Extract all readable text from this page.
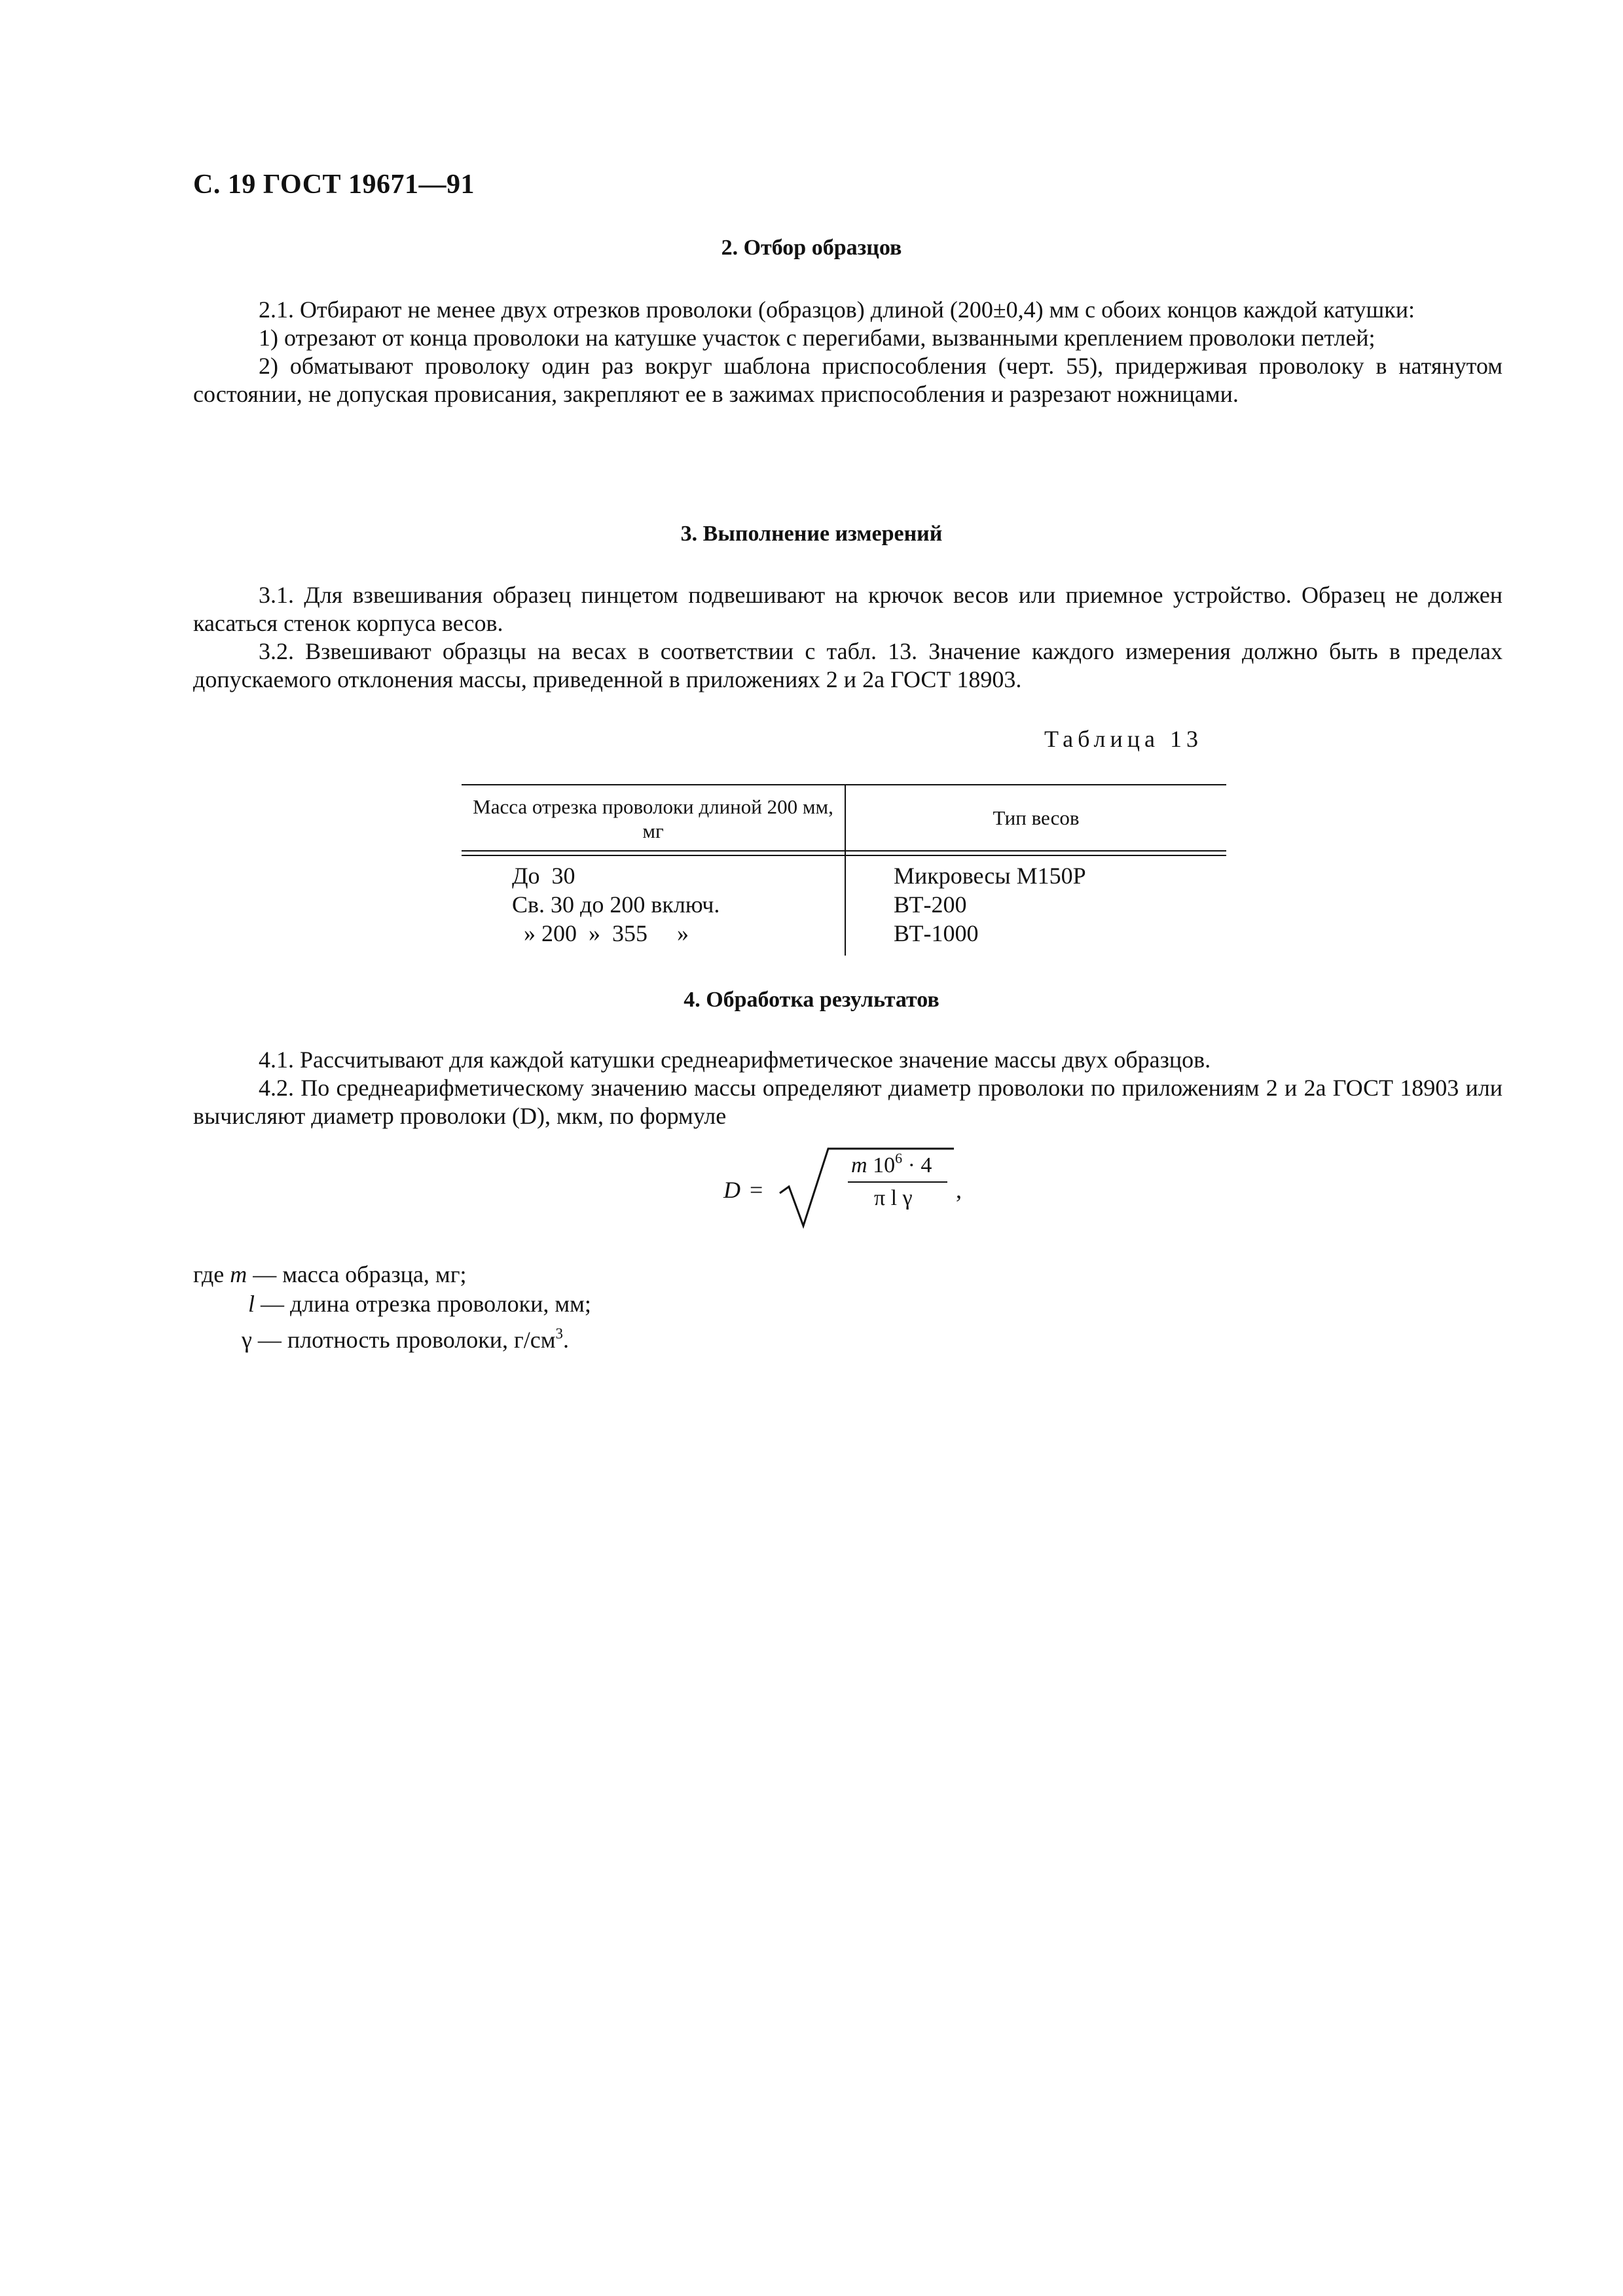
С. 19 ГОСТ 19671—91
2. Отбор образцов

2.1. Отбирают не менее двух отрезков проволоки (образцов) длиной (200±0,4) мм с обоих концов каждой катушки:

1) отрезают от конца проволоки на катушке участок с перегибами, вызванными креплением проволоки петлей;

2) обматывают проволоку один раз вокруг шаблона приспособления (черт. 55), придерживая проволоку в натянутом состоянии, не допуская провисания, закрепляют ее в зажимах приспособления и разрезают ножницами.

3. Выполнение измерений

3.1. Для взвешивания образец пинцетом подвешивают на крючок весов или приемное устройство. Образец не должен касаться стенок корпуса весов.

3.2. Взвешивают образцы на весах в соответствии с табл. 13. Значение каждого измерения должно быть в пределах допускаемого отклонения массы, приведенной в приложениях 2 и 2а ГОСТ 18903.

Таблица 13
Масса отрезка проволоки длиной 200 мм, мг
Тип весов
До  30
Св. 30 до 200 включ.
» 200  »  355     »
Микровесы М150Р
ВТ-200
ВТ-1000
4. Обработка результатов

4.1. Рассчитывают для каждой катушки среднеарифметическое значение массы двух образцов.

4.2. По среднеарифметическому значению массы определяют диаметр проволоки по приложениям 2 и 2а ГОСТ 18903 или вычисляют диаметр проволоки (D), мкм, по формуле

D =
m $10^6 \cdot 4$
π l γ ,
где m — масса образца, мг;
l — длина отрезка проволоки, мм;
γ — плотность проволоки, $г/см^3$.
